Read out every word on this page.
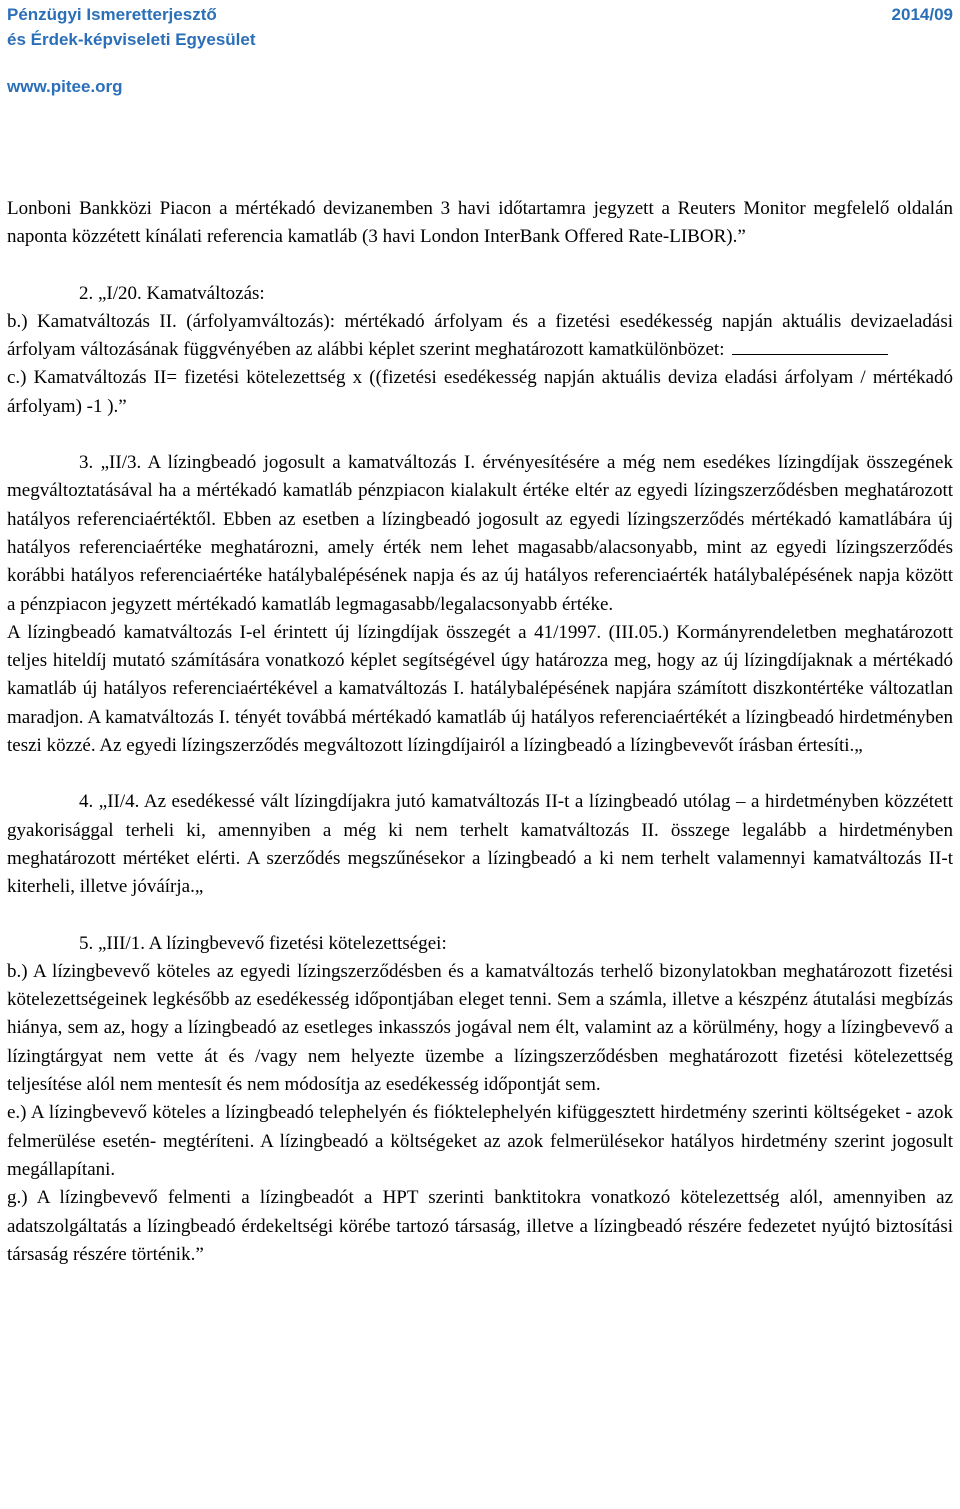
Pénzügyi Ismeretterjesztő
és Érdek-képviseleti Egyesület
2014/09
www.pitee.org

Lonboni Bankközi Piacon a mértékadó devizanemben 3 havi időtartamra jegyzett a Reuters Monitor megfelelő oldalán naponta közzétett kínálati referencia kamatláb (3 havi London InterBank Offered Rate-LIBOR).”

2. „I/20. Kamatváltozás:

b.) Kamatváltozás II. (árfolyamváltozás): mértékadó árfolyam és a fizetési esedékesség napján aktuális devizaeladási árfolyam változásának függvényében az alábbi képlet szerint meghatározott kamatkülönbözet:

c.) Kamatváltozás II= fizetési kötelezettség x ((fizetési esedékesség napján aktuális deviza eladási árfolyam / mértékadó árfolyam) -1 ).”

3. „II/3. A lízingbeadó jogosult a kamatváltozás I. érvényesítésére a még nem esedékes lízingdíjak összegének megváltoztatásával ha a mértékadó kamatláb pénzpiacon kialakult értéke eltér az egyedi lízingszerződésben meghatározott hatályos referenciaértéktől. Ebben az esetben a lízingbeadó jogosult az egyedi lízingszerződés mértékadó kamatlábára új hatályos referenciaértéke meghatározni, amely érték nem lehet magasabb/alacsonyabb, mint az egyedi lízingszerződés korábbi hatályos referenciaértéke hatálybalépésének napja és az új hatályos referenciaérték hatálybalépésének napja között a pénzpiacon jegyzett mértékadó kamatláb legmagasabb/legalacsonyabb értéke.

A lízingbeadó kamatváltozás I-el érintett új lízingdíjak összegét a 41/1997. (III.05.) Kormányrendeletben meghatározott teljes hiteldíj mutató számítására vonatkozó képlet segítségével úgy határozza meg, hogy az új lízingdíjaknak a mértékadó kamatláb új hatályos referenciaértékével a kamatváltozás I. hatálybalépésének napjára számított diszkontértéke változatlan maradjon. A kamatváltozás I. tényét továbbá mértékadó kamatláb új hatályos referenciaértékét a lízingbeadó hirdetményben teszi közzé. Az egyedi lízingszerződés megváltozott lízingdíjairól a lízingbeadó a lízingbevevőt írásban értesíti.„

4. „II/4. Az esedékessé vált lízingdíjakra jutó kamatváltozás II-t a lízingbeadó utólag – a hirdetményben közzétett gyakorisággal terheli ki, amennyiben a még ki nem terhelt kamatváltozás II. összege legalább a hirdetményben meghatározott mértéket elérti. A szerződés megszűnésekor a lízingbeadó a ki nem terhelt valamennyi kamatváltozás II-t kiterheli, illetve jóváírja.„

5. „III/1. A lízingbevevő fizetési kötelezettségei:

b.) A lízingbevevő köteles az egyedi lízingszerződésben és a kamatváltozás terhelő bizonylatokban meghatározott fizetési kötelezettségeinek legkésőbb az esedékesség időpontjában eleget tenni. Sem a számla, illetve a készpénz átutalási megbízás hiánya, sem az, hogy a lízingbeadó az esetleges inkasszós jogával nem élt, valamint az a körülmény, hogy a lízingbevevő a lízingtárgyat nem vette át és /vagy nem helyezte üzembe a lízingszerződésben meghatározott fizetési kötelezettség teljesítése alól nem mentesít és nem módosítja az esedékesség időpontját sem.

e.) A lízingbevevő köteles a lízingbeadó telephelyén és fióktelephelyén kifüggesztett hirdetmény szerinti költségeket - azok felmerülése esetén- megtéríteni. A lízingbeadó a költségeket az azok felmerülésekor hatályos hirdetmény szerint jogosult megállapítani.

g.) A lízingbevevő felmenti a lízingbeadót a HPT szerinti banktitokra vonatkozó kötelezettség alól, amennyiben az adatszolgáltatás a lízingbeadó érdekeltségi körébe tartozó társaság, illetve a lízingbeadó részére fedezetet nyújtó biztosítási társaság részére történik.”
